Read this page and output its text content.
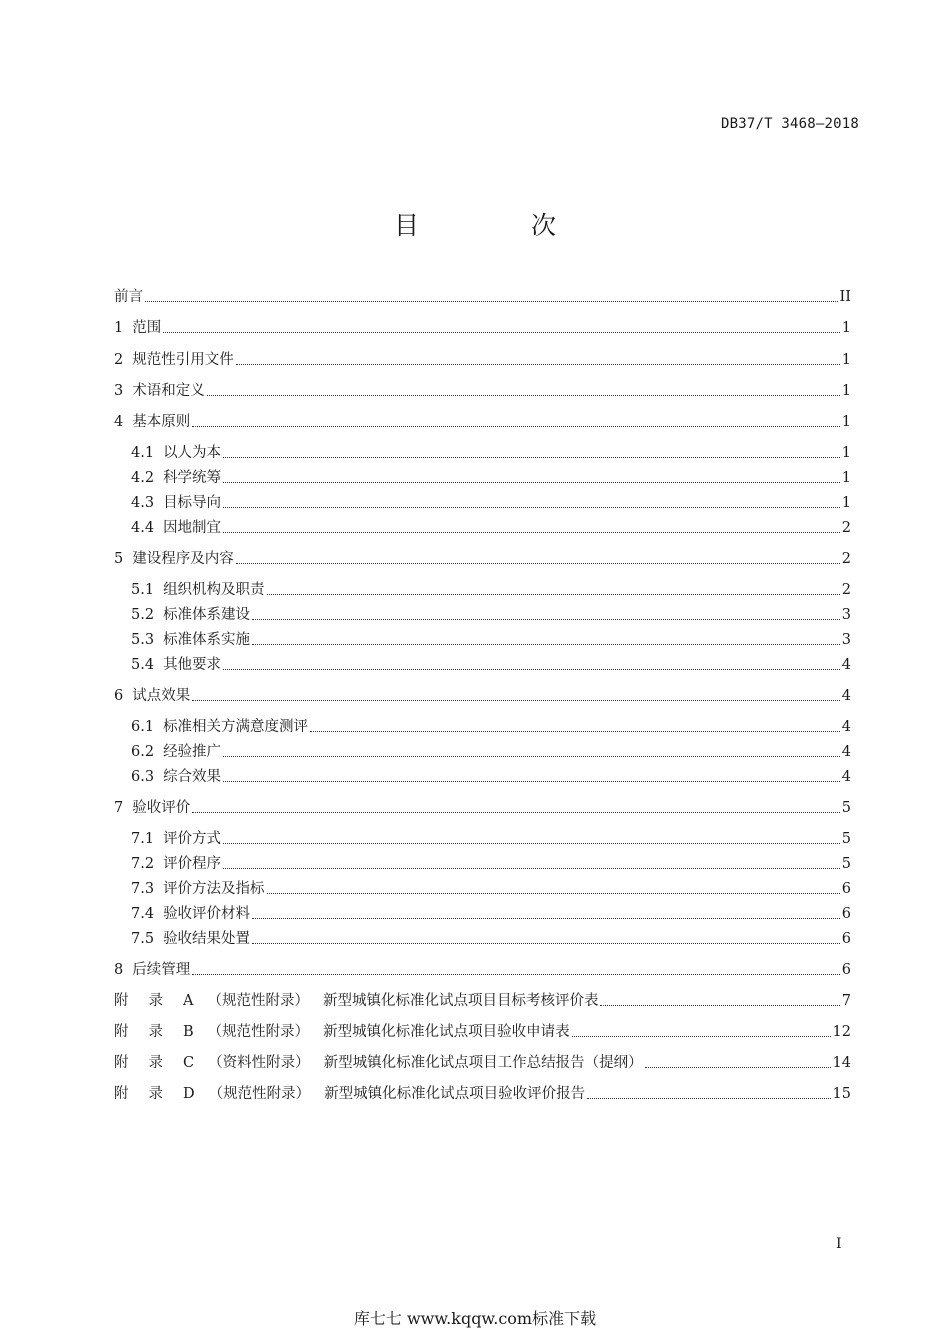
DB37/T 3468—2018
目 次
前言	II
1 范围	1
2 规范性引用文件	1
3 术语和定义	1
4 基本原则	1
4.1 以人为本	1
4.2 科学统筹	1
4.3 目标导向	1
4.4 因地制宜	2
5 建设程序及内容	2
5.1 组织机构及职责	2
5.2 标准体系建设	3
5.3 标准体系实施	3
5.4 其他要求	4
6 试点效果	4
6.1 标准相关方满意度测评	4
6.2 经验推广	4
6.3 综合效果	4
7 验收评价	5
7.1 评价方式	5
7.2 评价程序	5
7.3 评价方法及指标	6
7.4 验收评价材料	6
7.5 验收结果处置	6
8 后续管理	6
附录 A （规范性附录） 新型城镇化标准化试点项目目标考核评价表	7
附录 B （规范性附录） 新型城镇化标准化试点项目验收申请表	12
附录 C （资料性附录） 新型城镇化标准化试点项目工作总结报告（提纲）	14
附录 D （规范性附录） 新型城镇化标准化试点项目验收评价报告	15
I
库七七 www.kqqw.com标准下载
